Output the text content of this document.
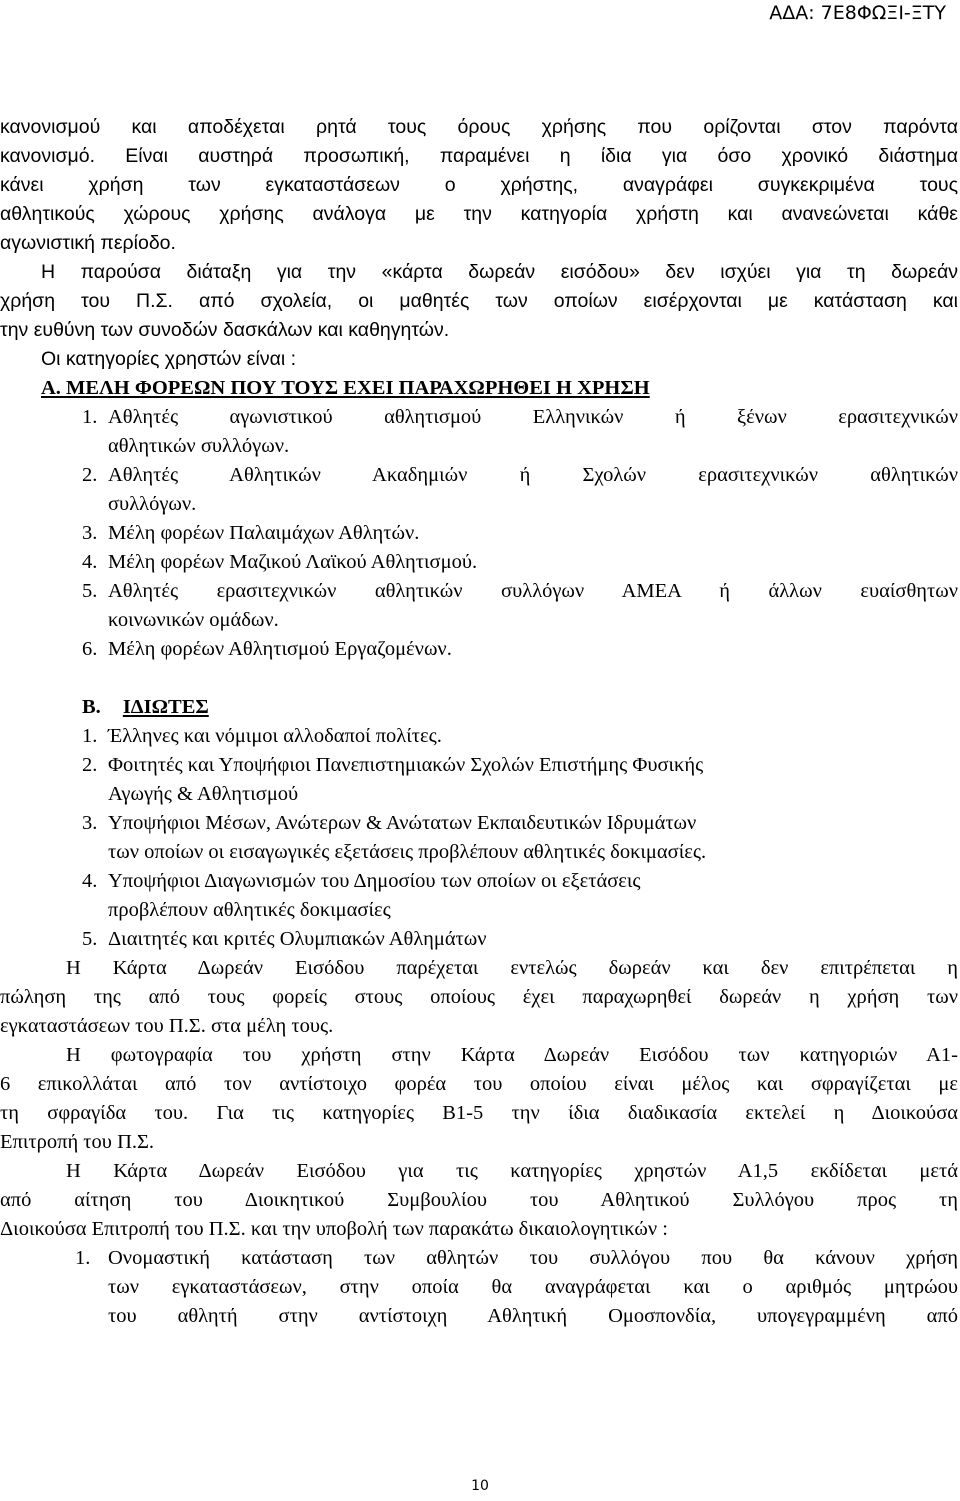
ΑΔΑ: 7Ε8ΦΩΞΙ-ΞΤΥ
κανονισμού και αποδέχεται ρητά τους όρους χρήσης που ορίζονται στον παρόντα
κανονισμό. Είναι αυστηρά προσωπική, παραμένει η ίδια για όσο χρονικό διάστημα
κάνει χρήση των εγκαταστάσεων ο χρήστης, αναγράφει συγκεκριμένα τους
αθλητικούς χώρους χρήσης ανάλογα με την κατηγορία χρήστη και ανανεώνεται κάθε
αγωνιστική περίοδο.
Η παρούσα διάταξη για την «κάρτα δωρεάν εισόδου» δεν ισχύει για τη δωρεάν
χρήση του Π.Σ. από σχολεία, οι μαθητές των οποίων εισέρχονται με κατάσταση και
την ευθύνη των συνοδών δασκάλων και καθηγητών.
Οι κατηγορίες χρηστών είναι :
Α. ΜΕΛΗ ΦΟΡΕΩΝ ΠΟΥ ΤΟΥΣ ΕΧΕΙ ΠΑΡΑΧΩΡΗΘΕΙ Η ΧΡΗΣΗ
1. Αθλητές αγωνιστικού αθλητισμού Ελληνικών ή ξένων ερασιτεχνικών
αθλητικών συλλόγων.
2. Αθλητές Αθλητικών Ακαδημιών ή Σχολών ερασιτεχνικών αθλητικών
συλλόγων.
3. Μέλη φορέων Παλαιμάχων Αθλητών.
4. Μέλη φορέων Μαζικού Λαϊκού Αθλητισμού.
5. Αθλητές ερασιτεχνικών αθλητικών συλλόγων ΑΜΕΑ ή άλλων ευαίσθητων
κοινωνικών ομάδων.
6. Μέλη φορέων Αθλητισμού Εργαζομένων.
Β. ΙΔΙΩΤΕΣ
1. Έλληνες και νόμιμοι αλλοδαποί πολίτες.
2. Φοιτητές και Υποψήφιοι Πανεπιστημιακών Σχολών Επιστήμης Φυσικής
Αγωγής & Αθλητισμού
3. Υποψήφιοι Μέσων, Ανώτερων & Ανώτατων Εκπαιδευτικών Ιδρυμάτων
των οποίων οι εισαγωγικές εξετάσεις προβλέπουν αθλητικές δοκιμασίες.
4. Υποψήφιοι Διαγωνισμών του Δημοσίου των οποίων οι εξετάσεις
προβλέπουν αθλητικές δοκιμασίες
5. Διαιτητές και κριτές Ολυμπιακών Αθλημάτων
Η Κάρτα Δωρεάν Εισόδου παρέχεται εντελώς δωρεάν και δεν επιτρέπεται η
πώληση της από τους φορείς στους οποίους έχει παραχωρηθεί δωρεάν η χρήση των
εγκαταστάσεων του Π.Σ. στα μέλη τους.
Η φωτογραφία του χρήστη στην Κάρτα Δωρεάν Εισόδου των κατηγοριών Α1-
6 επικολλάται από τον αντίστοιχο φορέα του οποίου είναι μέλος και σφραγίζεται με
τη σφραγίδα του. Για τις κατηγορίες Β1-5 την ίδια διαδικασία εκτελεί η Διοικούσα
Επιτροπή του Π.Σ.
Η Κάρτα Δωρεάν Εισόδου για τις κατηγορίες χρηστών Α1,5 εκδίδεται μετά
από αίτηση του Διοικητικού Συμβουλίου του Αθλητικού Συλλόγου προς τη
Διοικούσα Επιτροπή του Π.Σ. και την υποβολή των παρακάτω δικαιολογητικών :
1. Ονομαστική κατάσταση των αθλητών του συλλόγου που θα κάνουν χρήση
των εγκαταστάσεων, στην οποία θα αναγράφεται και ο αριθμός μητρώου
του αθλητή στην αντίστοιχη Αθλητική Ομοσπονδία, υπογεγραμμένη από
10
